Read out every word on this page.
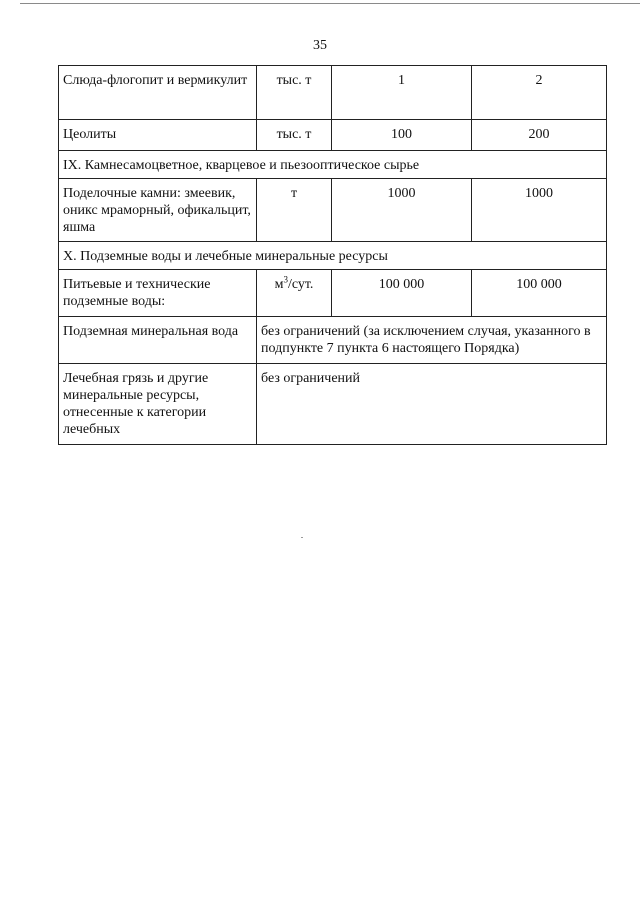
35
Слюда-флогопит и вермикулит	тыс. т	1	2
Цеолиты	тыс. т	100	200
IX. Камнесамоцветное, кварцевое и пьезооптическое сырье			
Поделочные камни: змеевик, оникс мраморный, офикальцит, яшма	т	1000	1000
X. Подземные воды и лечебные минеральные ресурсы			
Питьевые и технические подземные воды:	$м^3$/сут.	100 000	100 000
Подземная минеральная вода	без ограничений (за исключением случая, указанного в подпункте 7 пункта 6 настоящего Порядка)		
Лечебная грязь и другие минеральные ресурсы, отнесенные к категории лечебных	без ограничений		
